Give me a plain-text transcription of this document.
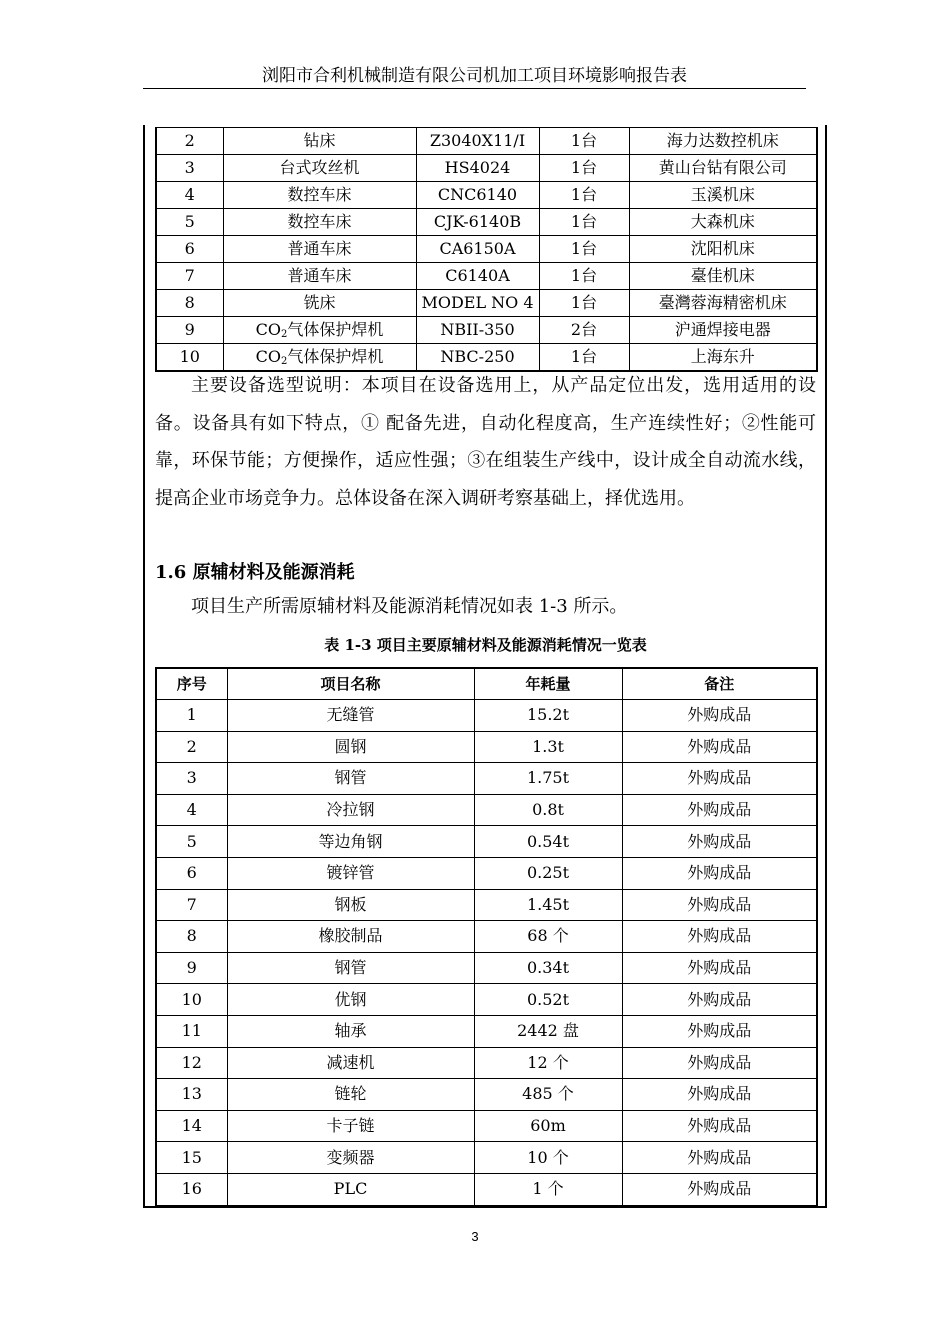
浏阳市合利机械制造有限公司机加工项目环境影响报告表
2	钻床	Z3040X11/I	1台	海力达数控机床
3	台式攻丝机	HS4024	1台	黄山台钻有限公司
4	数控车床	CNC6140	1台	玉溪机床
5	数控车床	CJK-6140B	1台	大森机床
6	普通车床	CA6150A	1台	沈阳机床
7	普通车床	C6140A	1台	臺佳机床
8	铣床	MODEL NO 4	1台	臺灣蓉海精密机床
9	$CO_2$气体保护焊机	NBII-350	2台	沪通焊接电器
10	$CO_2$气体保护焊机	NBC-250	1台	上海东升

主要设备选型说明：本项目在设备选用上，从产品定位出发，选用适用的设备。设备具有如下特点，① 配备先进，自动化程度高，生产连续性好；②性能可靠，环保节能；方便操作，适应性强；③在组装生产线中，设计成全自动流水线，提高企业市场竞争力。总体设备在深入调研考察基础上，择优选用。

1.6 原辅材料及能源消耗

项目生产所需原辅材料及能源消耗情况如表 1-3 所示。

表 1-3 项目主要原辅材料及能源消耗情况一览表
序号	项目名称	年耗量	备注
1	无缝管	15.2t	外购成品
2	圆钢	1.3t	外购成品
3	钢管	1.75t	外购成品
4	冷拉钢	0.8t	外购成品
5	等边角钢	0.54t	外购成品
6	镀锌管	0.25t	外购成品
7	钢板	1.45t	外购成品
8	橡胶制品	68 个	外购成品
9	钢管	0.34t	外购成品
10	优钢	0.52t	外购成品
11	轴承	2442 盘	外购成品
12	减速机	12 个	外购成品
13	链轮	485 个	外购成品
14	卡子链	60m	外购成品
15	变频器	10 个	外购成品
16	PLC	1 个	外购成品
3
